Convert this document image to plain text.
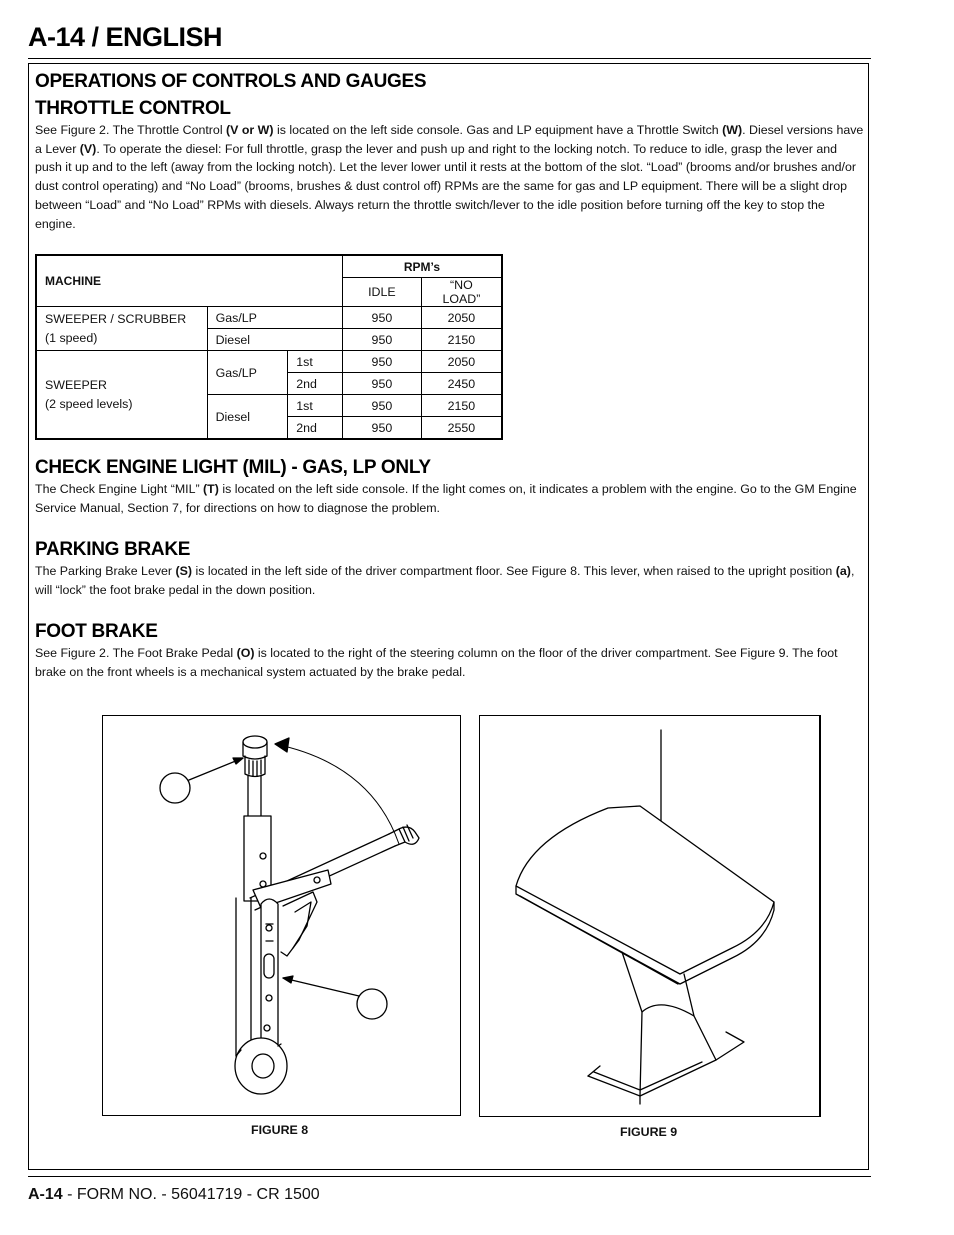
A-14 / ENGLISH
OPERATIONS OF CONTROLS AND GAUGES
THROTTLE CONTROL

See Figure 2. The Throttle Control (V or W) is located on the left side console. Gas and LP equipment have a Throttle Switch (W). Diesel versions have a Lever (V). To operate the diesel: For full throttle, grasp the lever and push up and right to the locking notch. To reduce to idle, grasp the lever and push it up and to the left (away from the locking notch). Let the lever lower until it rests at the bottom of the slot. “Load” (brooms and/or brushes and/or dust control operating) and “No Load” (brooms, brushes & dust control off) RPMs are the same for gas and LP equipment. There will be a slight drop between “Load” and “No Load” RPMs with diesels. Always return the throttle switch/lever to the idle position before turning off the key to stop the engine.

MACHINE			RPM’s	
			IDLE	“NO LOAD”
SWEEPER / SCRUBBER
(1 speed)	Gas/LP		950	2050
	Diesel		950	2150
SWEEPER
(2 speed levels)	Gas/LP	1st	950	2050
		2nd	950	2450
	Diesel	1st	950	2150
		2nd	950	2550
CHECK ENGINE LIGHT (MIL) - GAS, LP ONLY

The Check Engine Light “MIL” (T) is located on the left side console. If the light comes on, it indicates a problem with the engine. Go to the GM Engine Service Manual, Section 7, for directions on how to diagnose the problem.

PARKING BRAKE

The Parking Brake Lever (S) is located in the left side of the driver compartment floor. See Figure 8. This lever, when raised to the upright position (a), will “lock” the foot brake pedal in the down position.

FOOT BRAKE

See Figure 2. The Foot Brake Pedal (O) is located to the right of the steering column on the floor of the driver compartment. See Figure 9. The foot brake on the front wheels is a mechanical system actuated by the brake pedal.

FIGURE 8	FIGURE 9
A-14 - FORM NO. - 56041719 - CR 1500
